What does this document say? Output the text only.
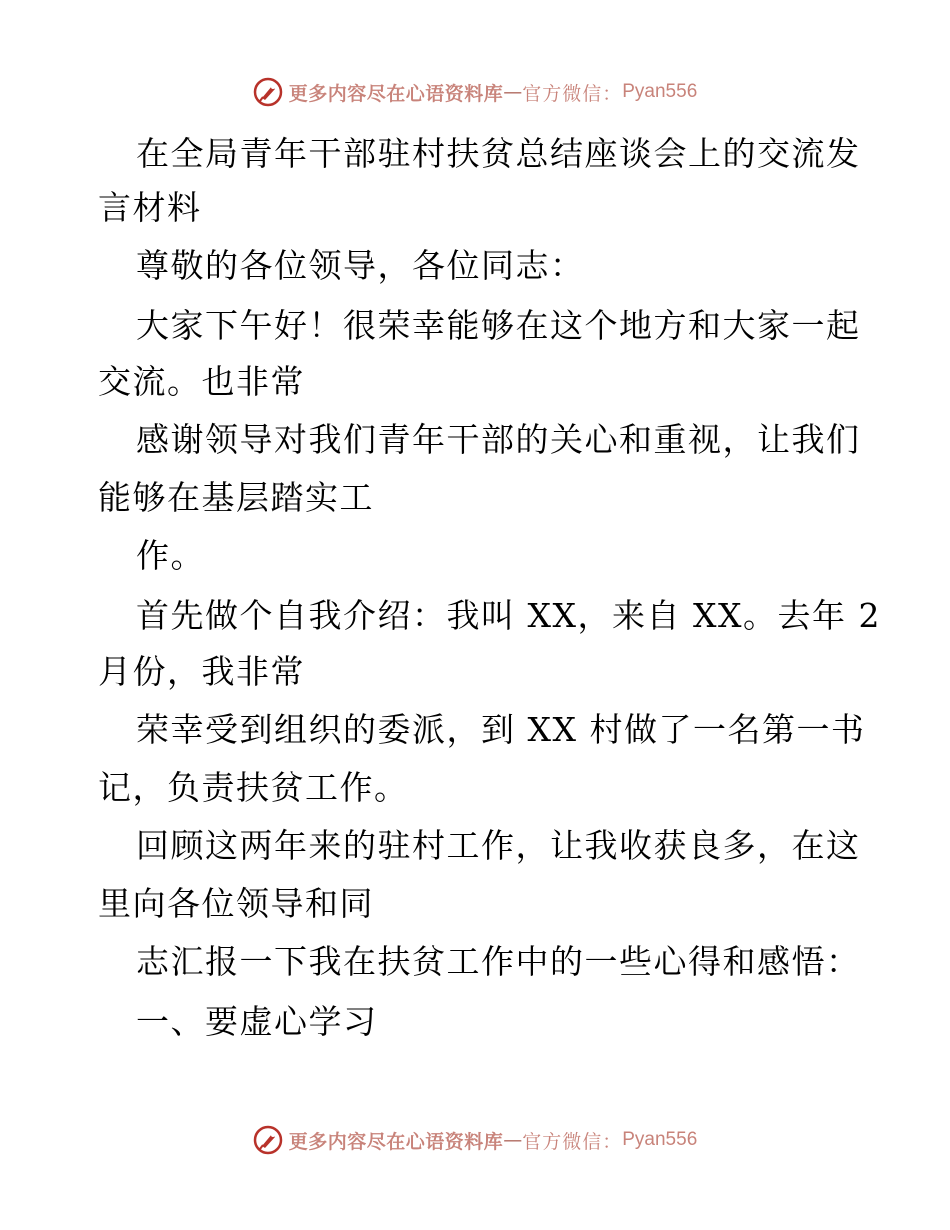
更多内容尽在心语资料库 — 官方微信： Pyan556
在全局青年干部驻村扶贫总结座谈会上的交流发
言材料
尊敬的各位领导，各位同志：
大家下午好！很荣幸能够在这个地方和大家一起
交流。也非常
感谢领导对我们青年干部的关心和重视，让我们
能够在基层踏实工
作。
首先做个自我介绍：我叫 XX，来自 XX。去年 2
月份，我非常
荣幸受到组织的委派，到 XX 村做了一名第一书
记，负责扶贫工作。
回顾这两年来的驻村工作，让我收获良多，在这
里向各位领导和同
志汇报一下我在扶贫工作中的一些心得和感悟：
一、要虚心学习
更多内容尽在心语资料库 — 官方微信： Pyan556
